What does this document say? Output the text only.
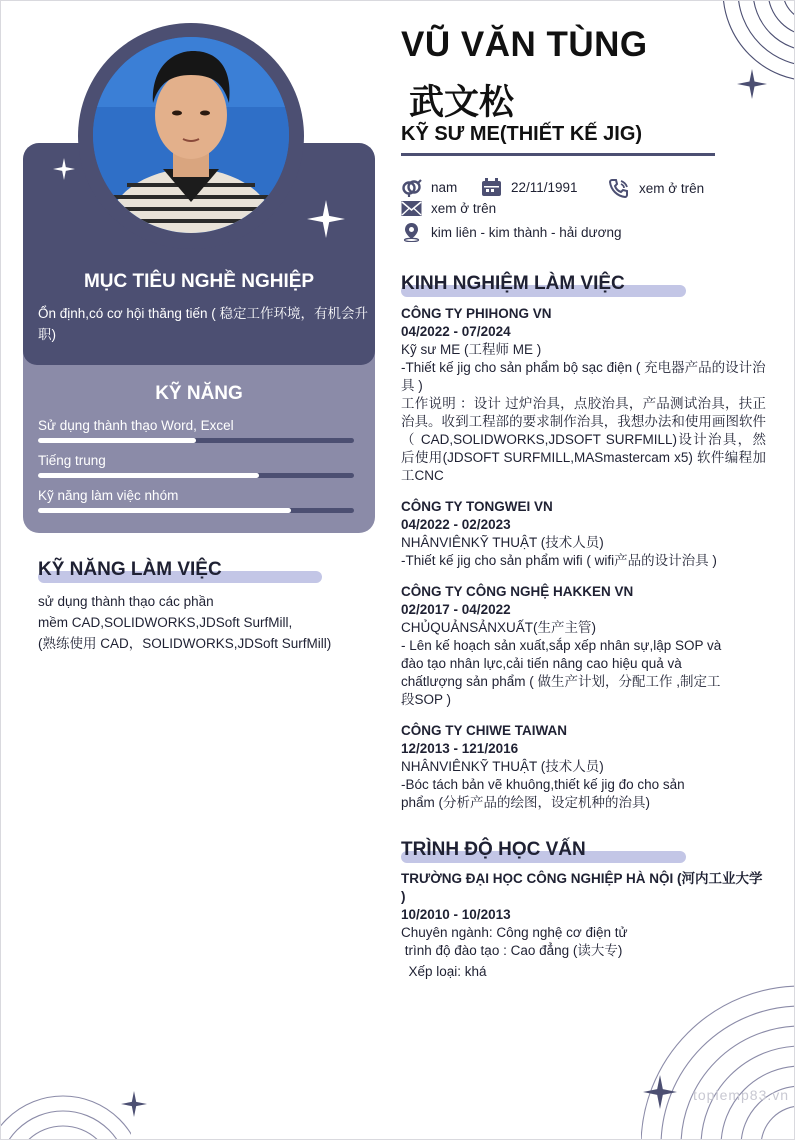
MỤC TIÊU NGHỀ NGHIỆP
Ổn định,có cơ hội thăng tiến ( 稳定工作环境，有机会升职)
KỸ NĂNG
Sử dụng thành thạo Word, Excel
Tiếng trung
Kỹ năng làm việc nhóm
KỸ NĂNG LÀM VIỆC
sử dụng thành thạo các phần
mềm CAD,SOLIDWORKS,JDSoft SurfMill,
(熟练使用 CAD，SOLIDWORKS,JDSoft SurfMill)
VŨ VĂN TÙNG
武文松
KỸ SƯ ME(THIẾT KẾ JIG)
nam	22/11/1991	xem ở trên
xem ở trên
kim liên - kim thành - hải dương
KINH NGHIỆM LÀM VIỆC
CÔNG TY PHIHONG VN
04/2022 - 07/2024

Kỹ sư ME (工程师 ME )

-Thiết kế jig cho sản phẩm bộ sạc điện ( 充电器产品的设计治具 )

工作说明 ：设计 过炉治具，点胶治具，产品测试治具，扶正治具。收到工程部的要求制作治具，我想办法和使用画图软件 （ CAD,SOLIDWORKS,JDSOFT SURFMILL)设计治具，然后使用(JDSOFT SURFMILL,MASmastercam x5) 软件编程加工CNC

CÔNG TY TONGWEI VN
04/2022 - 02/2023

NHÂNVIÊNKỸ THUẬT (技术人员)

-Thiết kế jig cho sản phẩm wifi ( wifi产品的设计治具 )

CÔNG TY CÔNG NGHỆ HAKKEN VN
02/2017 - 04/2022

CHỦQUẢNSẢNXUẤT(生产主管)

- Lên kế hoạch sản xuất,sắp xếp nhân sự,lập SOP và đào tạo nhân lực,cải tiến nâng cao hiệu quả và chấtlượng sản phẩm ( 做生产计划，分配工作 ,制定工段SOP )

CÔNG TY CHIWE TAIWAN
12/2013 - 121/2016

NHÂNVIÊNKỸ THUẬT (技术人员)

-Bóc tách bản vẽ khuông,thiết kế jig đo cho sản phẩm (分析产品的绘图，设定机种的治具)

TRÌNH ĐỘ HỌC VẤN
TRƯỜNG ĐẠI HỌC CÔNG NGHIỆP HÀ NỘI (河内工业大学 )
10/2010 - 10/2013

Chuyên ngành: Công nghệ cơ điện tử

trình độ đào tạo : Cao đẳng (读大专)

Xếp loại: khá

toplemp83.vn
